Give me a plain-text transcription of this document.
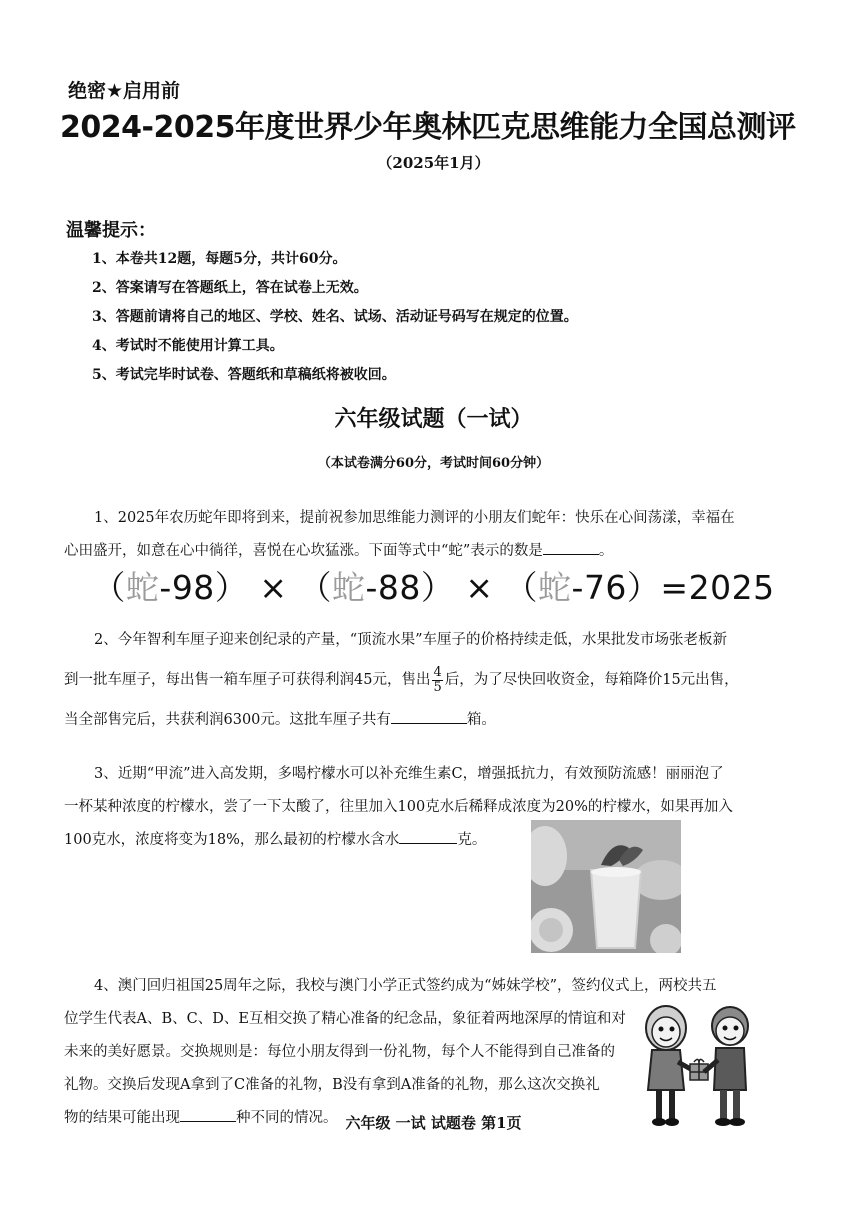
绝密★启用前
2024-2025年度世界少年奥林匹克思维能力全国总测评
（2025年1月）
温馨提示：
1、本卷共12题，每题5分，共计60分。
2、答案请写在答题纸上，答在试卷上无效。
3、答题前请将自己的地区、学校、姓名、试场、活动证号码写在规定的位置。
4、考试时不能使用计算工具。
5、考试完毕时试卷、答题纸和草稿纸将被收回。
六年级试题（一试）
（本试卷满分60分，考试时间60分钟）
1、2025年农历蛇年即将到来，提前祝参加思维能力测评的小朋友们蛇年：快乐在心间荡漾，幸福在
心田盛开，如意在心中徜徉，喜悦在心坎猛涨。下面等式中“蛇”表示的数是	。
（蛇-98） × （蛇-88） × （蛇-76）=2025
2、今年智利车厘子迎来创纪录的产量，“顶流水果”车厘子的价格持续走低，水果批发市场张老板新
到一批车厘子，每出售一箱车厘子可获得利润45元，售出 $\frac{4}{5}$ 后，为了尽快回收资金，每箱降价15元出售，
当全部售完后，共获利润6300元。这批车厘子共有	箱。
3、近期“甲流”进入高发期，多喝柠檬水可以补充维生素C，增强抵抗力，有效预防流感！丽丽泡了
一杯某种浓度的柠檬水，尝了一下太酸了，往里加入100克水后稀释成浓度为20%的柠檬水，如果再加入
100克水，浓度将变为18%，那么最初的柠檬水含水	克。
4、澳门回归祖国25周年之际，我校与澳门小学正式签约成为“姊妹学校”，签约仪式上，两校共五
位学生代表A、B、C、D、E互相交换了精心准备的纪念品，象征着两地深厚的情谊和对
未来的美好愿景。交换规则是：每位小朋友得到一份礼物，每个人不能得到自己准备的
礼物。交换后发现A拿到了C准备的礼物，B没有拿到A准备的礼物，那么这次交换礼
物的结果可能出现	种不同的情况。 六年级 一试 试题卷 第1页
